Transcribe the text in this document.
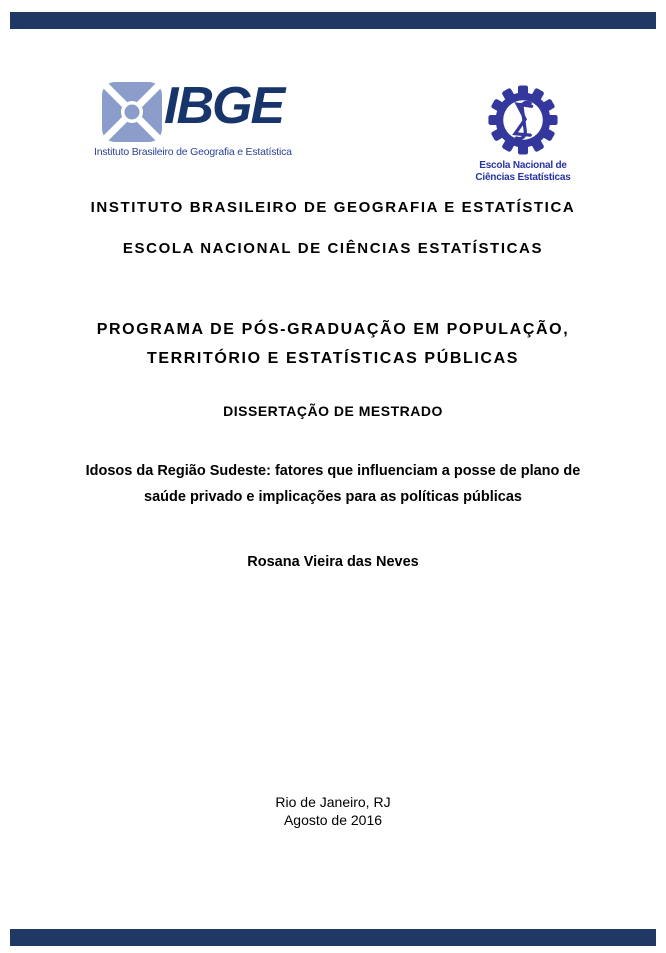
IBGE
Instituto Brasileiro de Geografia e Estatística
Escola Nacional de
Ciências Estatísticas
INSTITUTO BRASILEIRO DE GEOGRAFIA E ESTATÍSTICA
ESCOLA NACIONAL DE CIÊNCIAS ESTATÍSTICAS
PROGRAMA DE PÓS-GRADUAÇÃO EM POPULAÇÃO,
TERRITÓRIO E ESTATÍSTICAS PÚBLICAS
DISSERTAÇÃO DE MESTRADO
Idosos da Região Sudeste: fatores que influenciam a posse de plano de
saúde privado e implicações para as políticas públicas
Rosana Vieira das Neves
Rio de Janeiro, RJ
Agosto de 2016
